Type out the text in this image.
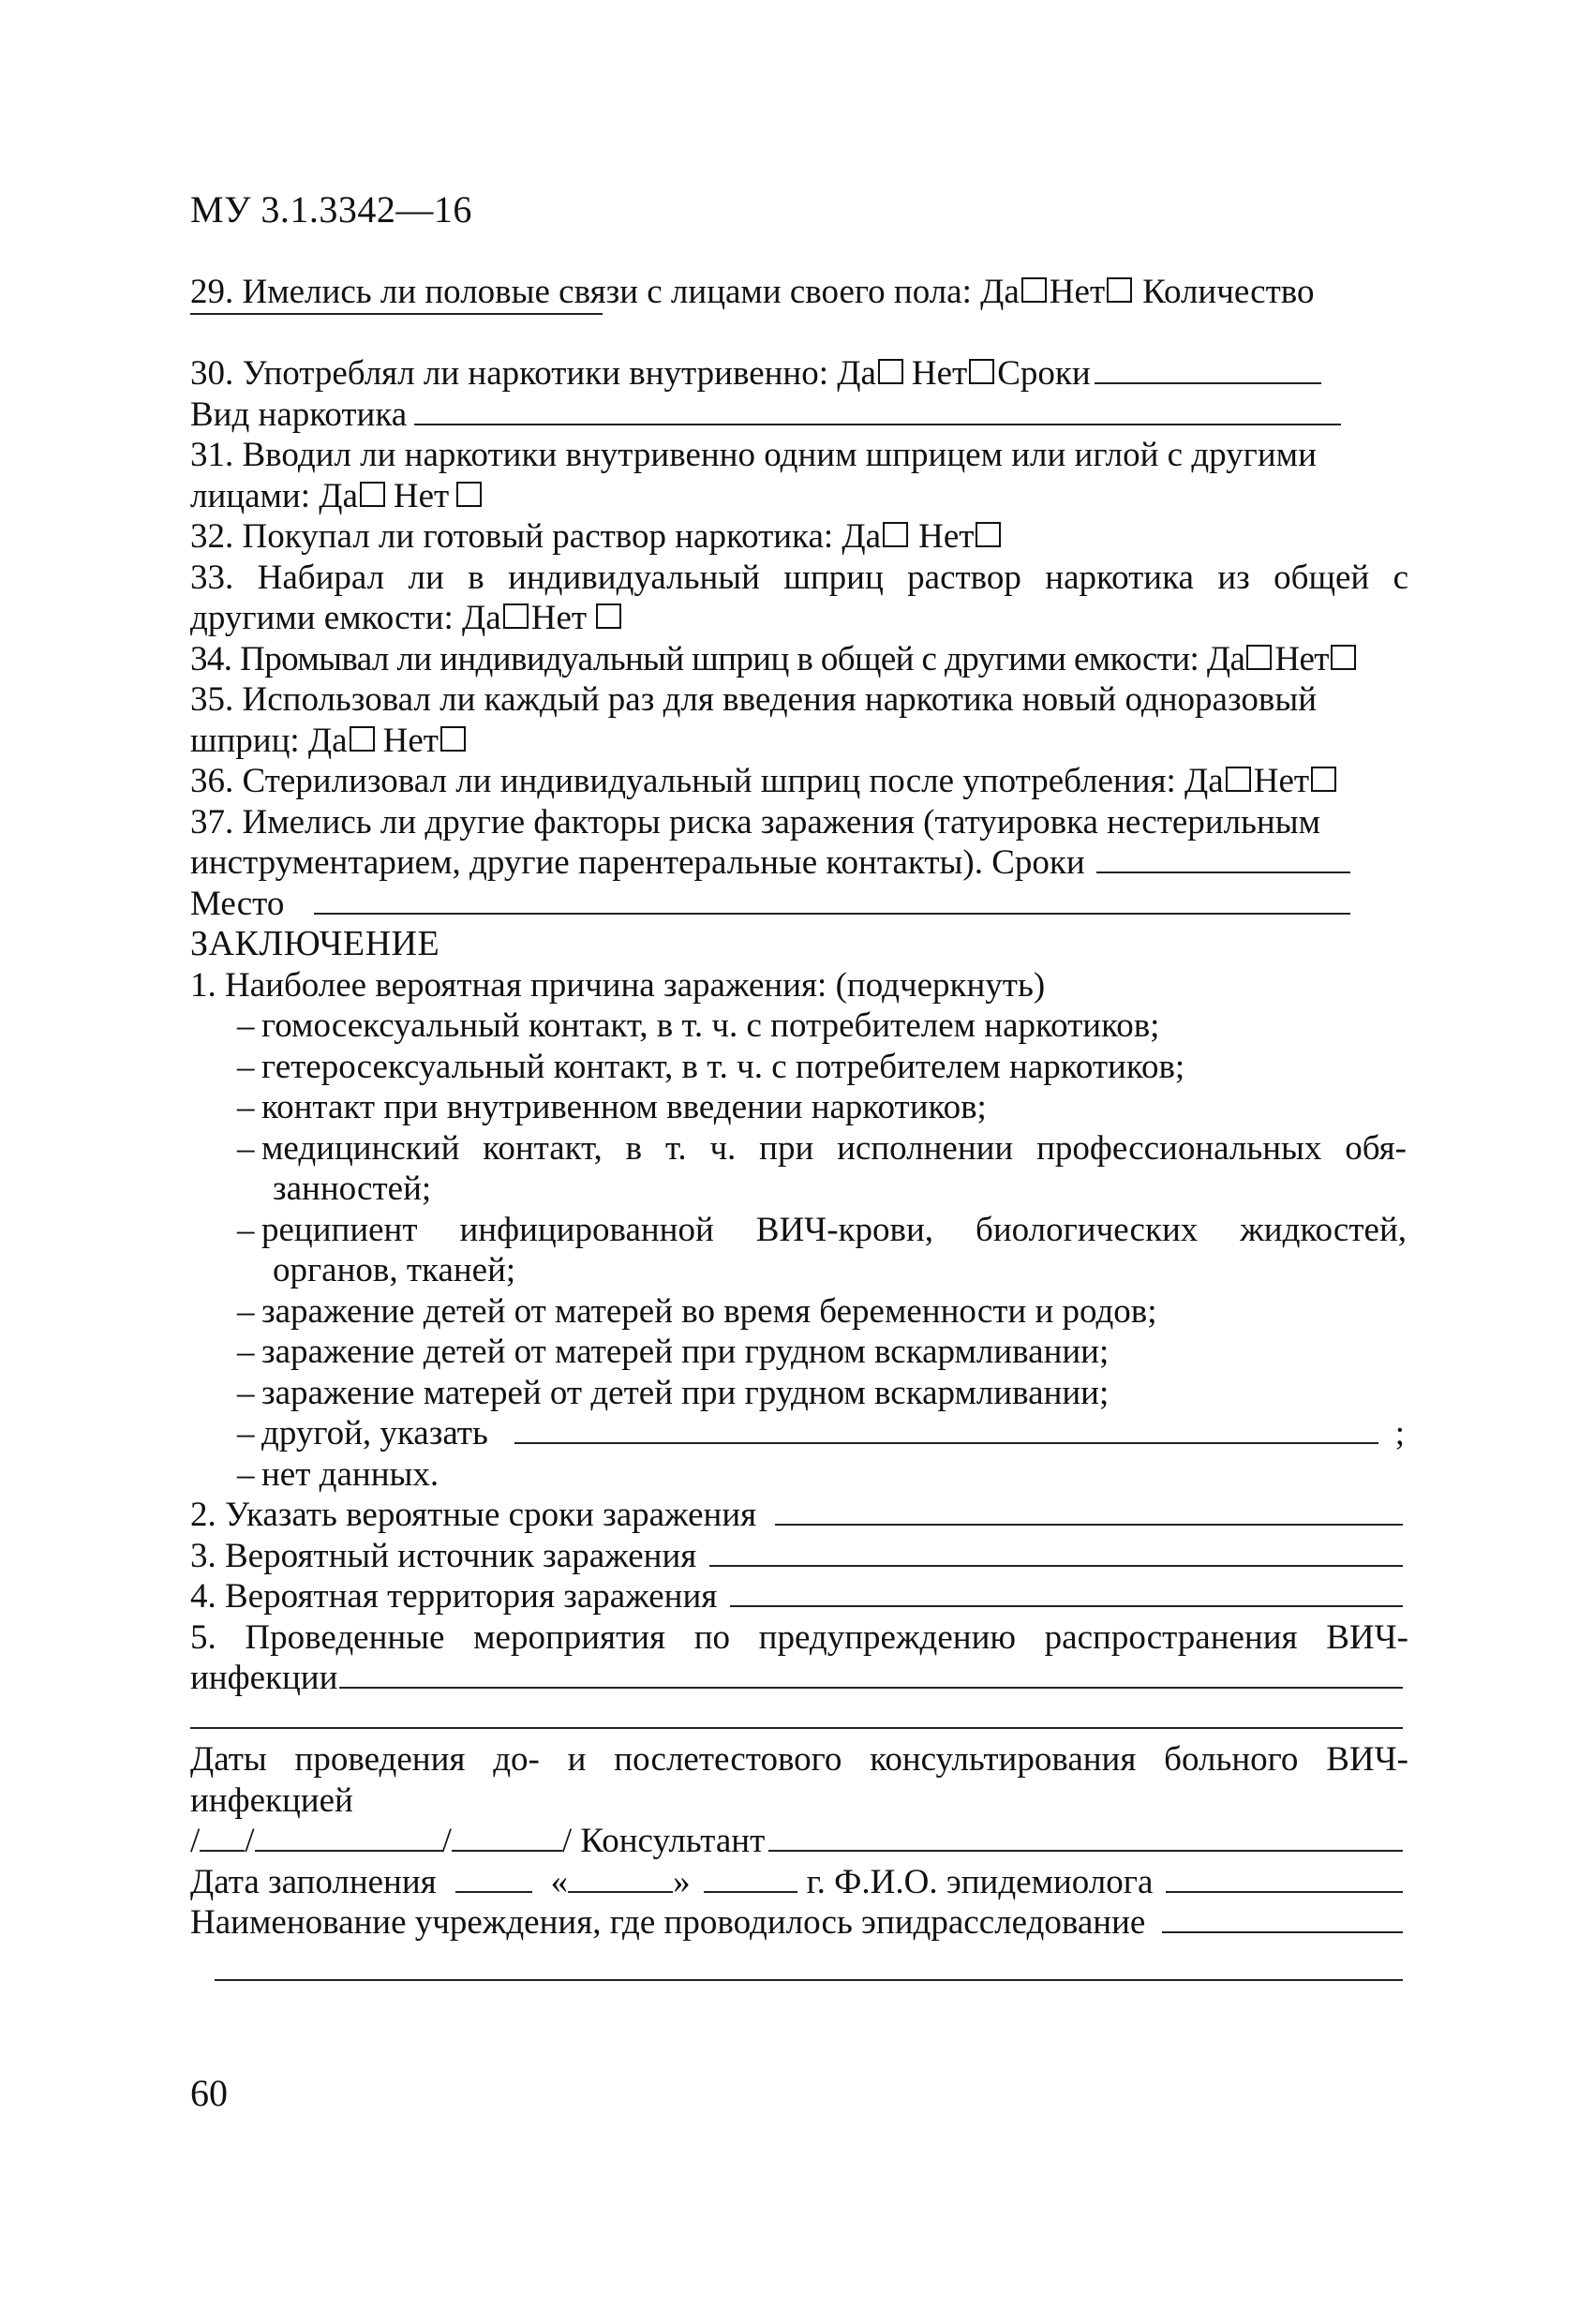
МУ 3.1.3342—16
29. Имелись ли половые связи с лицами своего пола: Да Нет Количество
30. Употреблял ли наркотики внутривенно: Да Нет Сроки
Вид наркотика
31. Вводил ли наркотики внутривенно одним шприцем или иглой с другими
лицами: Да Нет
32. Покупал ли готовый раствор наркотика: Да Нет
33. Набирал ли в индивидуальный шприц раствор наркотика из общей с
другими емкости: Да Нет
34. Промывал ли индивидуальный шприц в общей с другими емкости: Да Нет
35. Использовал ли каждый раз для введения наркотика новый одноразовый
шприц: Да Нет
36. Стерилизовал ли индивидуальный шприц после употребления: Да Нет
37. Имелись ли другие факторы риска заражения (татуировка нестерильным
инструментарием, другие парентеральные контакты). Сроки
Место
ЗАКЛЮЧЕНИЕ
1. Наиболее вероятная причина заражения: (подчеркнуть)
– гомосексуальный контакт, в т. ч. с потребителем наркотиков;
– гетеросексуальный контакт, в т. ч. с потребителем наркотиков;
– контакт при внутривенном введении наркотиков;
– медицинский контакт, в т. ч. при исполнении профессиональных обя-
занностей;
– реципиент инфицированной ВИЧ-крови, биологических жидкостей,
органов, тканей;
– заражение детей от матерей во время беременности и родов;
– заражение детей от матерей при грудном вскармливании;
– заражение матерей от детей при грудном вскармливании;
– другой, указать	;
– нет данных.
2. Указать вероятные сроки заражения
3. Вероятный источник заражения
4. Вероятная территория заражения
5. Проведенные мероприятия по предупреждению распространения ВИЧ-
инфекции
Даты проведения до- и послетестового консультирования больного ВИЧ-
инфекцией
/ /	/	/ Консультант
Дата заполнения	«	»	г. Ф.И.О. эпидемиолога
Наименование учреждения, где проводилось эпидрасследование
60
